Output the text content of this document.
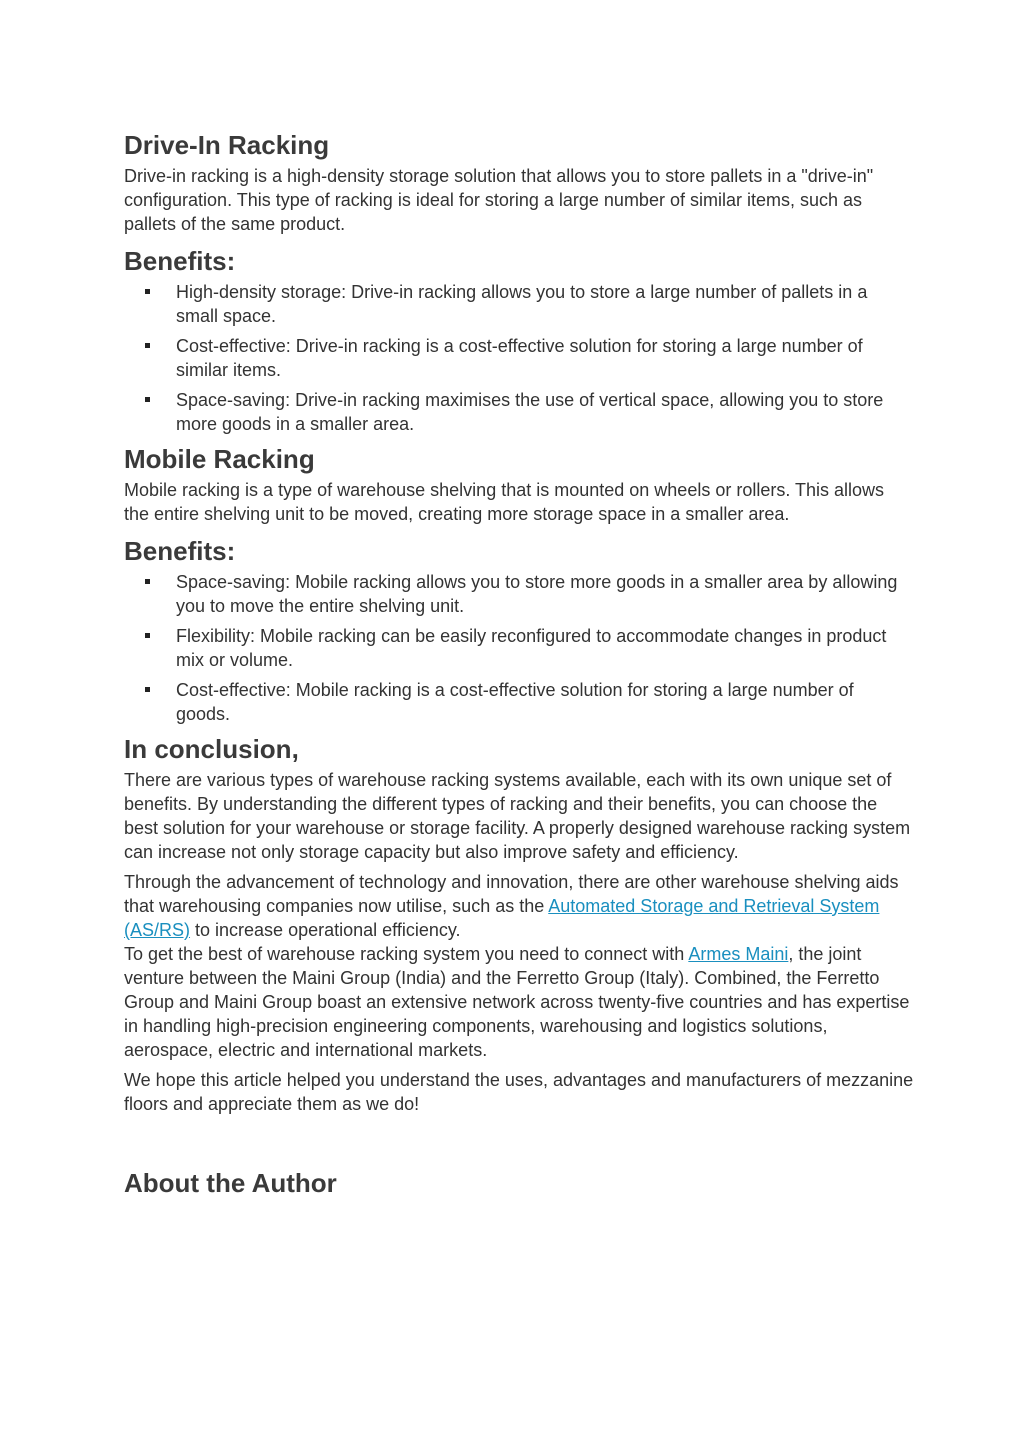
Drive-In Racking

Drive-in racking is a high-density storage solution that allows you to store pallets in a "drive-in" configuration. This type of racking is ideal for storing a large number of similar items, such as pallets of the same product.

Benefits:
High-density storage: Drive-in racking allows you to store a large number of pallets in a small space.
Cost-effective: Drive-in racking is a cost-effective solution for storing a large number of similar items.
Space-saving: Drive-in racking maximises the use of vertical space, allowing you to store more goods in a smaller area.
Mobile Racking

Mobile racking is a type of warehouse shelving that is mounted on wheels or rollers. This allows the entire shelving unit to be moved, creating more storage space in a smaller area.

Benefits:
Space-saving: Mobile racking allows you to store more goods in a smaller area by allowing you to move the entire shelving unit.
Flexibility: Mobile racking can be easily reconfigured to accommodate changes in product mix or volume.
Cost-effective: Mobile racking is a cost-effective solution for storing a large number of goods.
In conclusion,

There are various types of warehouse racking systems available, each with its own unique set of benefits. By understanding the different types of racking and their benefits, you can choose the best solution for your warehouse or storage facility. A properly designed warehouse racking system can increase not only storage capacity but also improve safety and efficiency.

Through the advancement of technology and innovation, there are other warehouse shelving aids that warehousing companies now utilise, such as the Automated Storage and Retrieval System (AS/RS) to increase operational efficiency.

To get the best of warehouse racking system you need to connect with Armes Maini, the joint venture between the Maini Group (India) and the Ferretto Group (Italy). Combined, the Ferretto Group and Maini Group boast an extensive network across twenty-five countries and has expertise in handling high-precision engineering components, warehousing and logistics solutions, aerospace, electric and international markets.

We hope this article helped you understand the uses, advantages and manufacturers of mezzanine floors and appreciate them as we do!

About the Author
